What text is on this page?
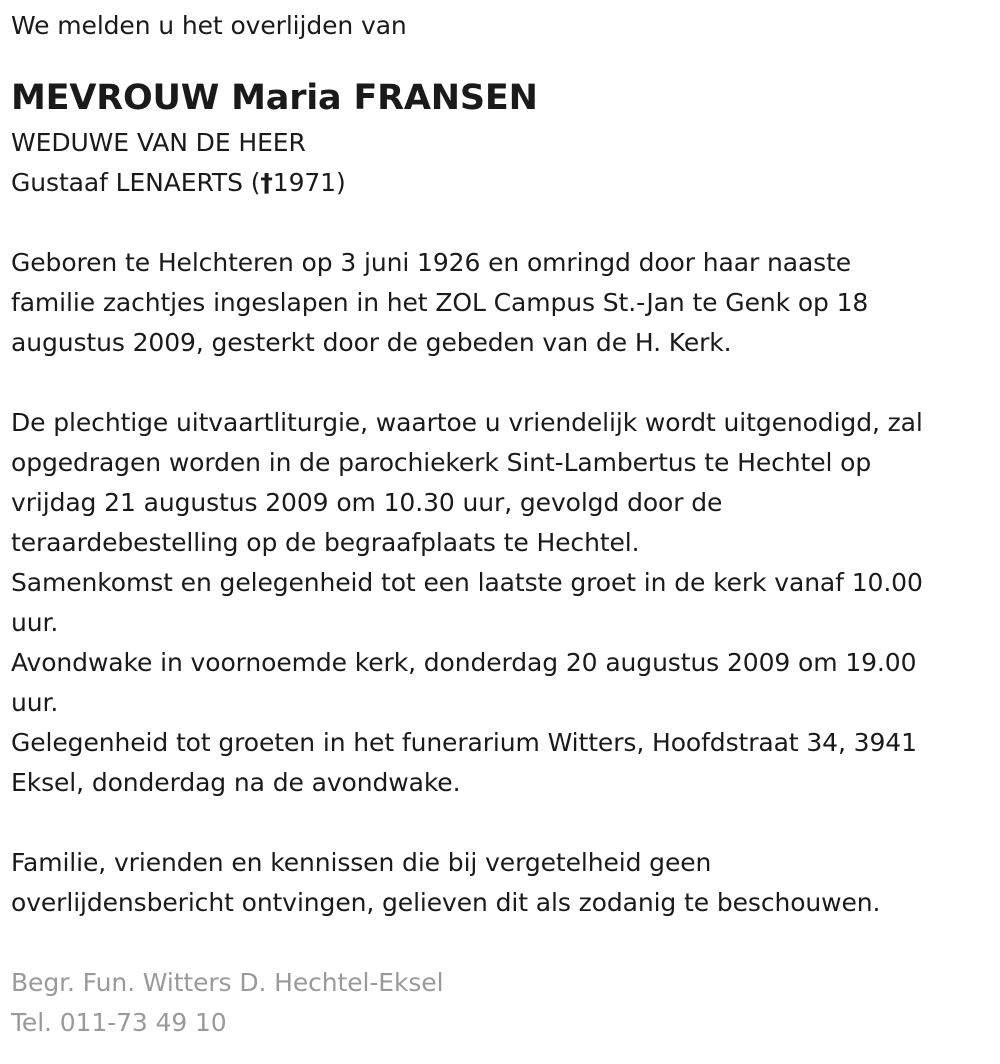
We melden u het overlijden van

MEVROUW Maria FRANSEN

WEDUWE VAN DE HEER

Gustaaf LENAERTS (†1971)

Geboren te Helchteren op 3 juni 1926 en omringd door haar naaste

familie zachtjes ingeslapen in het ZOL Campus St.-Jan te Genk op 18

augustus 2009, gesterkt door de gebeden van de H. Kerk.

De plechtige uitvaartliturgie, waartoe u vriendelijk wordt uitgenodigd, zal

opgedragen worden in de parochiekerk Sint-Lambertus te Hechtel op

vrijdag 21 augustus 2009 om 10.30 uur, gevolgd door de

teraardebestelling op de begraafplaats te Hechtel.

Samenkomst en gelegenheid tot een laatste groet in de kerk vanaf 10.00

uur.

Avondwake in voornoemde kerk, donderdag 20 augustus 2009 om 19.00

uur.

Gelegenheid tot groeten in het funerarium Witters, Hoofdstraat 34, 3941

Eksel, donderdag na de avondwake.

Familie, vrienden en kennissen die bij vergetelheid geen

overlijdensbericht ontvingen, gelieven dit als zodanig te beschouwen.

Begr. Fun. Witters D. Hechtel-Eksel

Tel. 011-73 49 10
